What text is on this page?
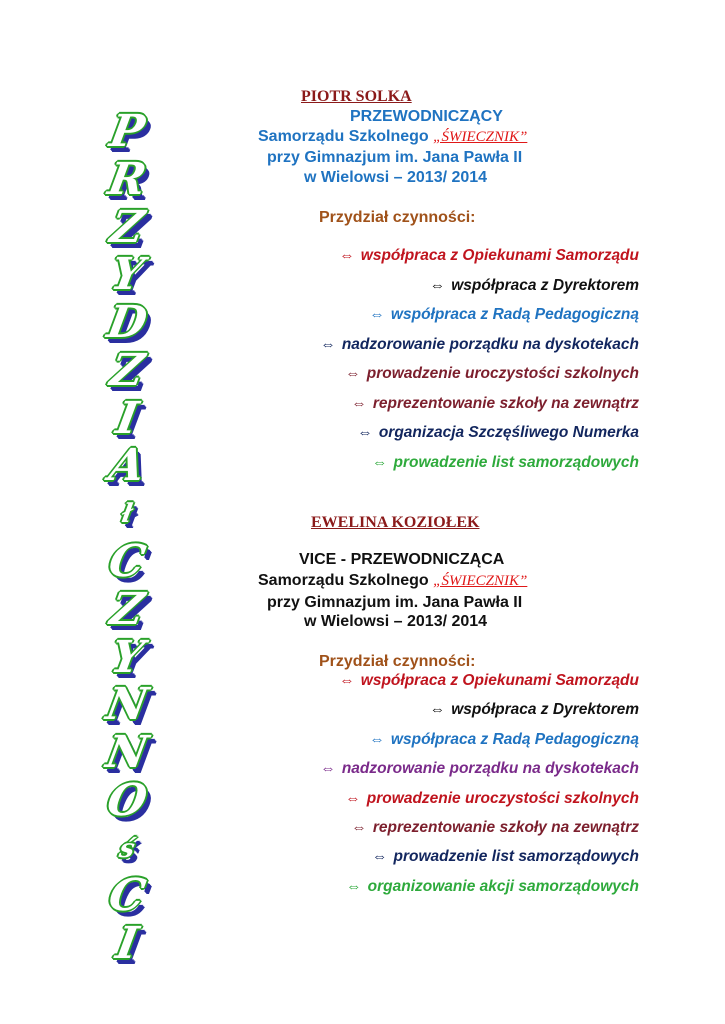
P
R
Z
Y
D
Z
I
A
ł
C
Z
Y
N
N
O
ś
C
I
PIOTR SOLKA
PRZEWODNICZĄCY
Samorządu Szkolnego „ŚWIECZNIK”
przy Gimnazjum im. Jana Pawła II
w Wielowsi – 2013/ 2014
Przydział czynności:
⇔ współpraca z Opiekunami Samorządu
⇔ współpraca z Dyrektorem
⇔ współpraca z Radą Pedagogiczną
⇔ nadzorowanie porządku na dyskotekach
⇔ prowadzenie uroczystości szkolnych
⇔ reprezentowanie szkoły na zewnątrz
⇔ organizacja Szczęśliwego Numerka
⇔ prowadzenie list samorządowych
EWELINA KOZIOŁEK
VICE - PRZEWODNICZĄCA
Samorządu Szkolnego „ŚWIECZNIK”
przy Gimnazjum im. Jana Pawła II
w Wielowsi – 2013/ 2014
Przydział czynności:
⇔ współpraca z Opiekunami Samorządu
⇔ współpraca z Dyrektorem
⇔ współpraca z Radą Pedagogiczną
⇔ nadzorowanie porządku na dyskotekach
⇔ prowadzenie uroczystości szkolnych
⇔ reprezentowanie szkoły na zewnątrz
⇔ prowadzenie list samorządowych
⇔ organizowanie akcji samorządowych
